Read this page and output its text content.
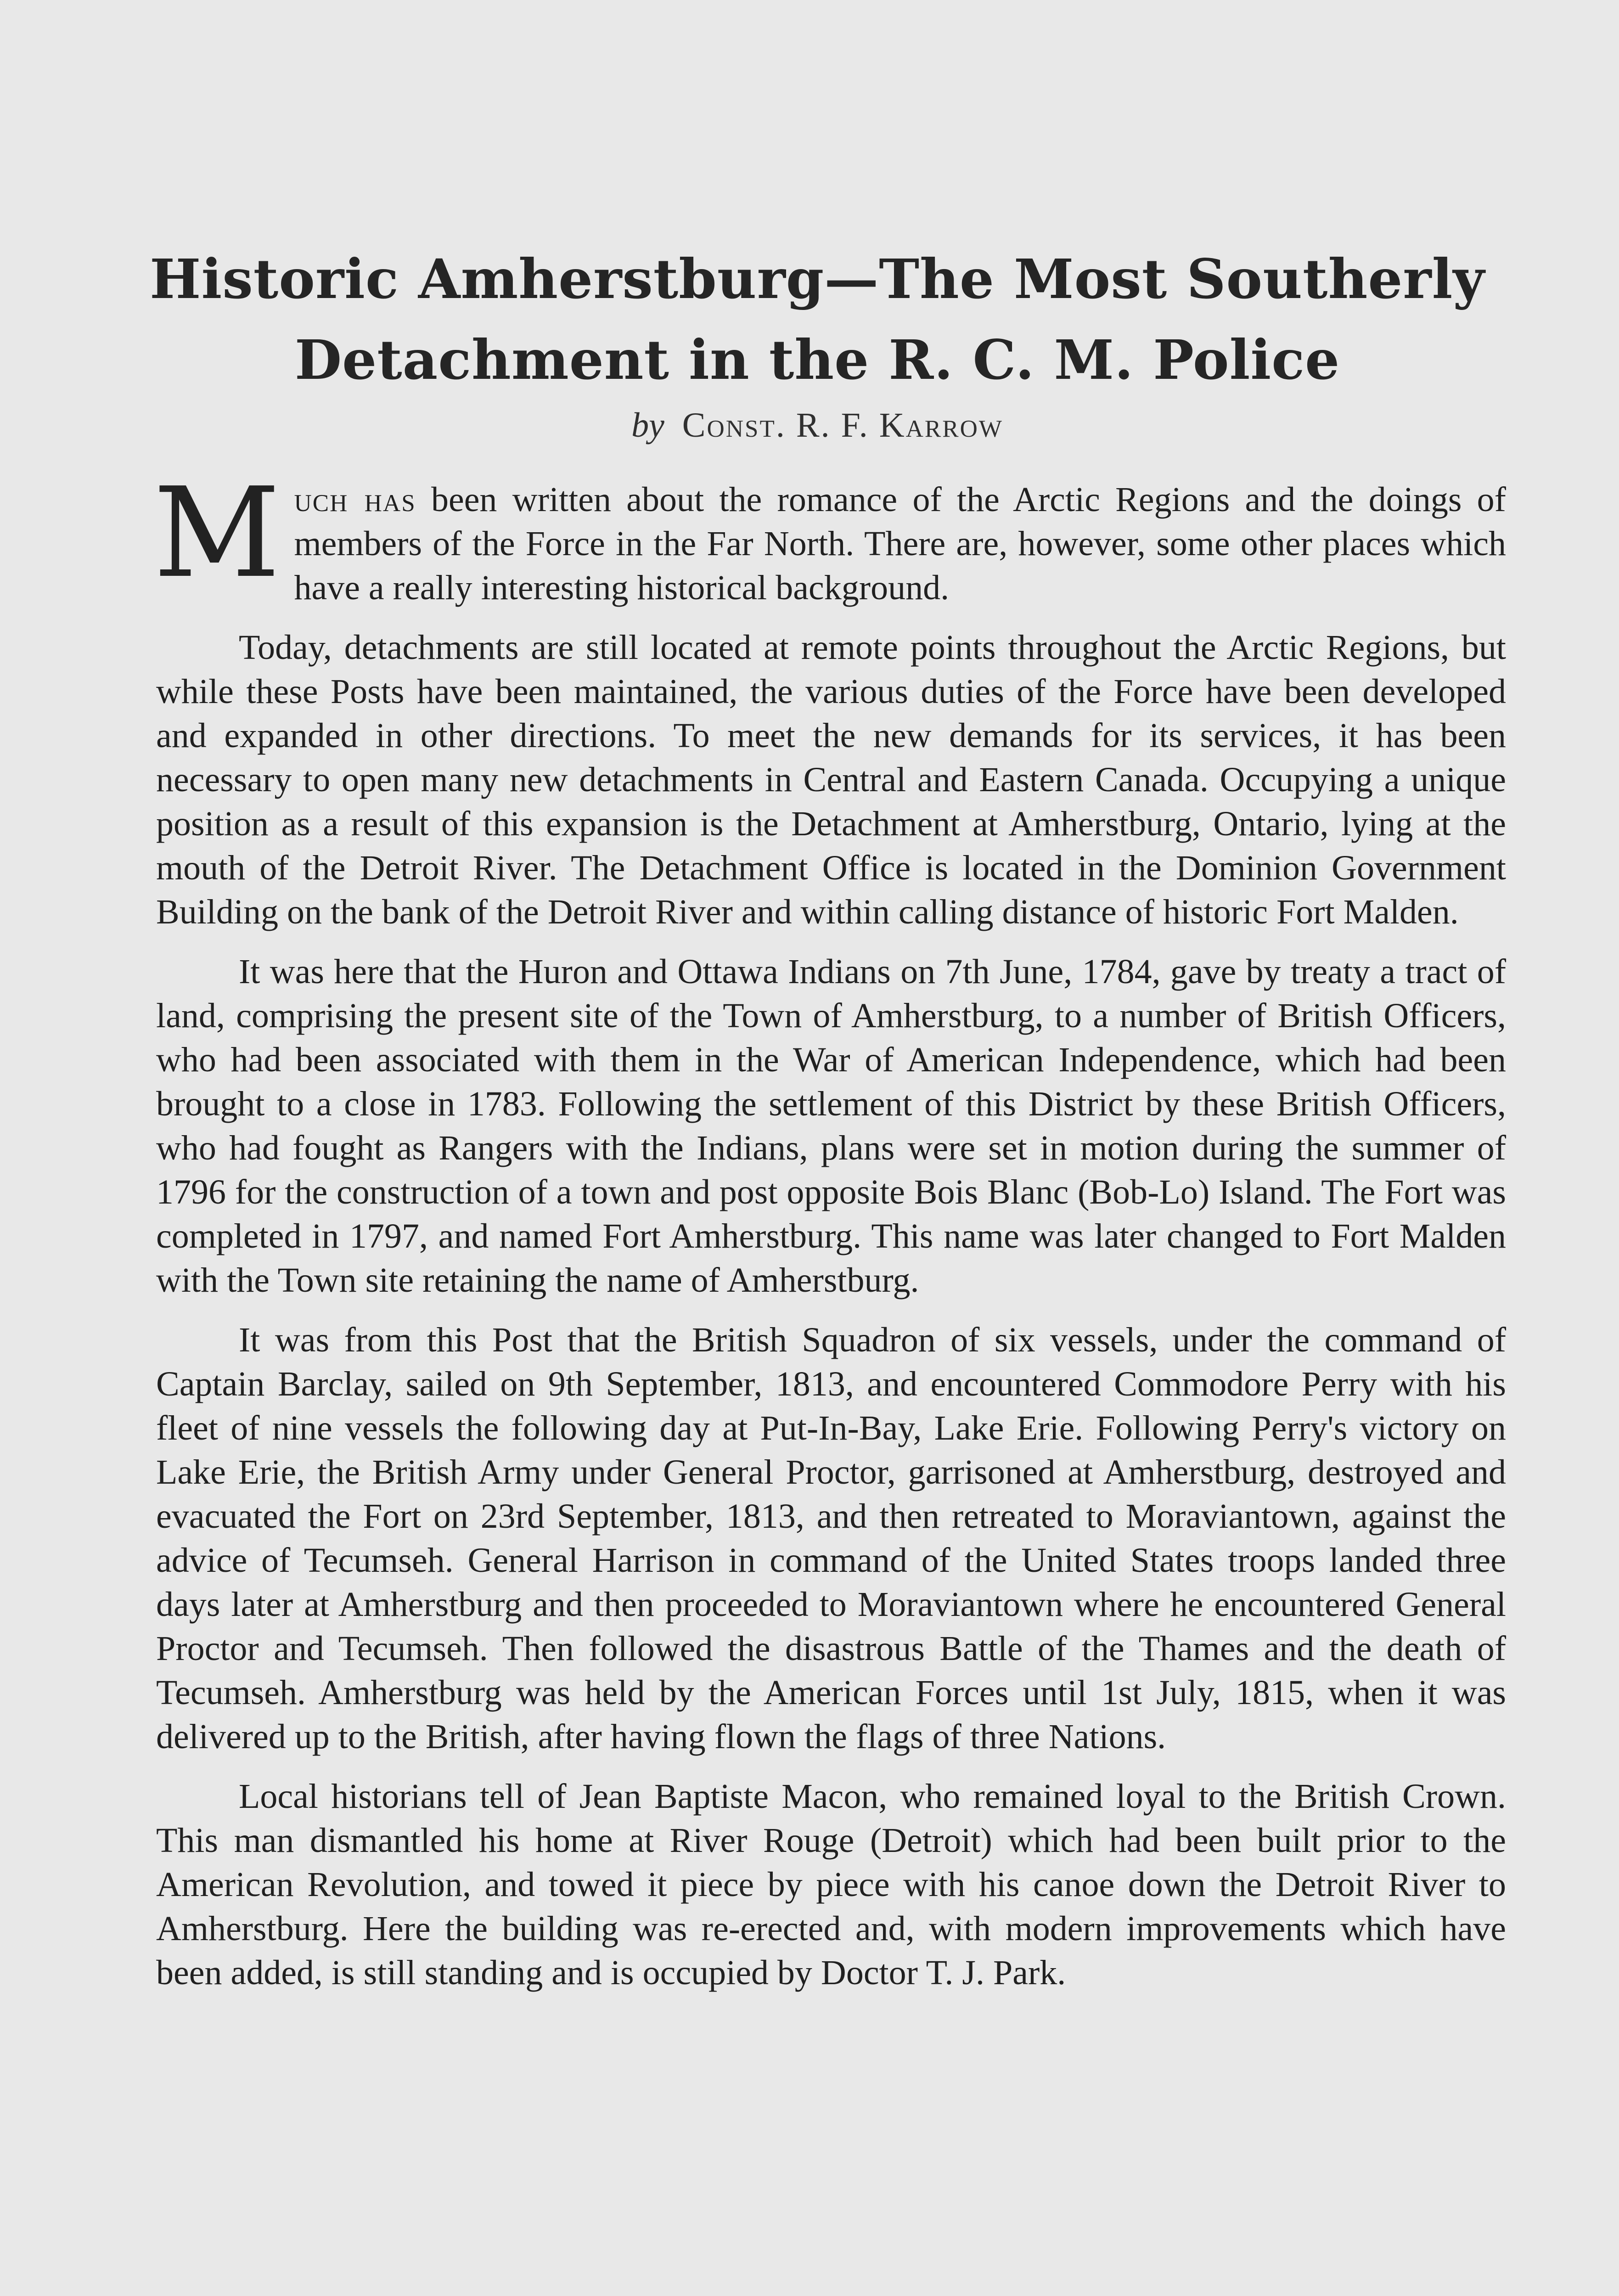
Historic Amherstburg—The Most Southerly
Detachment in the R. C. M. Police
by Const. R. F. Karrow

Much has been written about the romance of the Arctic Regions and the doings of members of the Force in the Far North. There are, however, some other places which have a really interesting historical background.

Today, detachments are still located at remote points throughout the Arctic Regions, but while these Posts have been maintained, the various duties of the Force have been developed and expanded in other directions. To meet the new demands for its services, it has been necessary to open many new detachments in Central and Eastern Canada. Occupying a unique position as a result of this expansion is the Detachment at Amherstburg, Ontario, lying at the mouth of the Detroit River. The Detachment Office is located in the Dominion Government Building on the bank of the Detroit River and within calling distance of historic Fort Malden.

It was here that the Huron and Ottawa Indians on 7th June, 1784, gave by treaty a tract of land, comprising the present site of the Town of Amherstburg, to a number of British Officers, who had been associated with them in the War of American Independence, which had been brought to a close in 1783. Following the settlement of this District by these British Officers, who had fought as Rangers with the Indians, plans were set in motion during the summer of 1796 for the construction of a town and post opposite Bois Blanc (Bob-Lo) Island. The Fort was completed in 1797, and named Fort Amherstburg. This name was later changed to Fort Malden with the Town site retaining the name of Amherstburg.

It was from this Post that the British Squadron of six vessels, under the command of Captain Barclay, sailed on 9th September, 1813, and encountered Commodore Perry with his fleet of nine vessels the following day at Put-In-Bay, Lake Erie. Following Perry's victory on Lake Erie, the British Army under General Proctor, garrisoned at Amherstburg, destroyed and evacuated the Fort on 23rd September, 1813, and then retreated to Moraviantown, against the advice of Tecumseh. General Harrison in command of the United States troops landed three days later at Amherstburg and then proceeded to Moraviantown where he encountered General Proctor and Tecumseh. Then followed the disastrous Battle of the Thames and the death of Tecumseh. Amherstburg was held by the American Forces until 1st July, 1815, when it was delivered up to the British, after having flown the flags of three Nations.

Local historians tell of Jean Baptiste Macon, who remained loyal to the British Crown. This man dismantled his home at River Rouge (Detroit) which had been built prior to the American Revolution, and towed it piece by piece with his canoe down the Detroit River to Amherstburg. Here the building was re-erected and, with modern improvements which have been added, is still standing and is occupied by Doctor T. J. Park.
